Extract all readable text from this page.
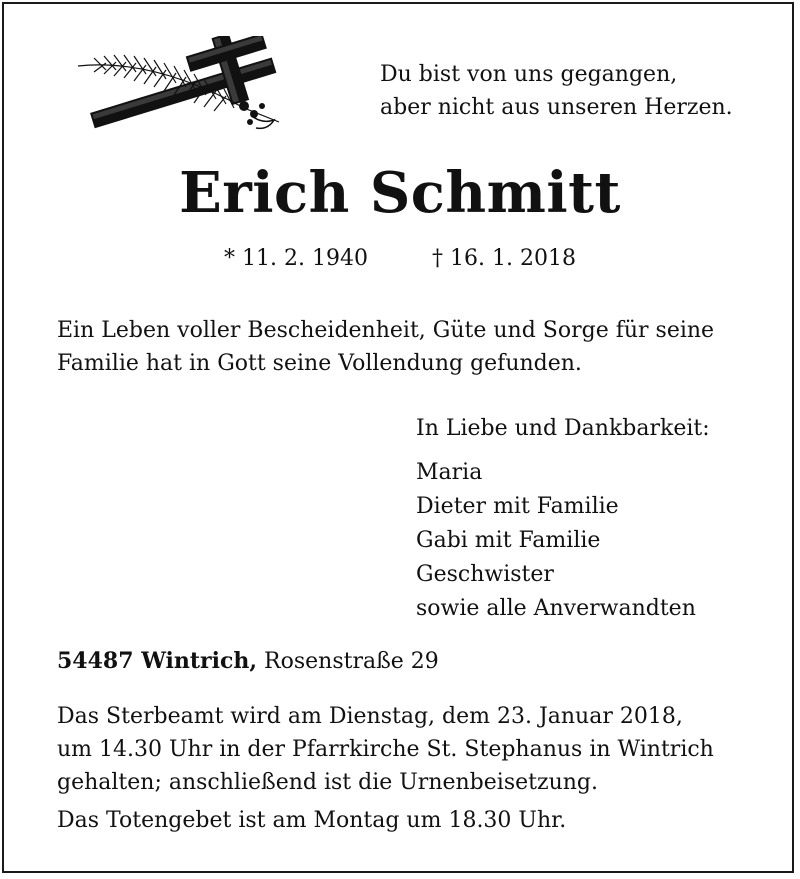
Du bist von uns gegangen,
aber nicht aus unseren Herzen.
Erich Schmitt
* 11. 2. 1940	† 16. 1. 2018
Ein Leben voller Bescheidenheit, Güte und Sorge für seine
Familie hat in Gott seine Vollendung gefunden.
In Liebe und Dankbarkeit:
Maria
Dieter mit Familie
Gabi mit Familie
Geschwister
sowie alle Anverwandten
54487 Wintrich, Rosenstraße 29
Das Sterbeamt wird am Dienstag, dem 23. Januar 2018,
um 14.30 Uhr in der Pfarrkirche St. Stephanus in Wintrich
gehalten; anschließend ist die Urnenbeisetzung.
Das Totengebet ist am Montag um 18.30 Uhr.
